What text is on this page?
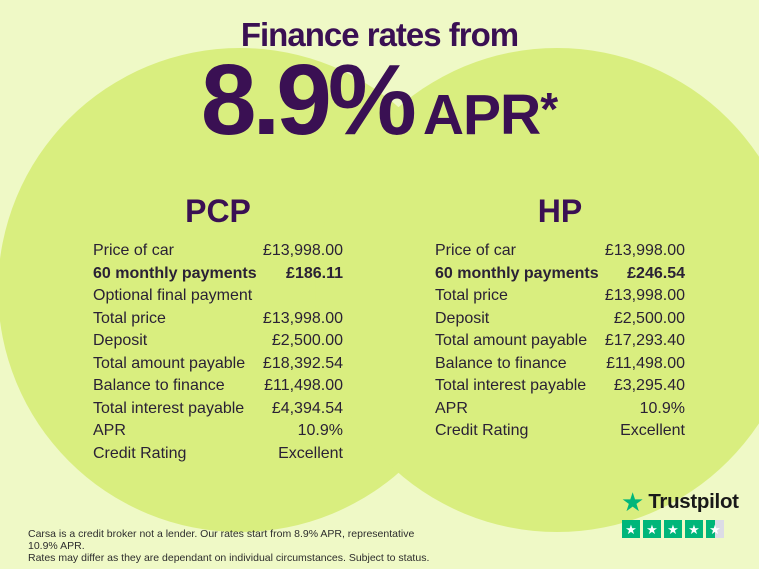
Finance rates from
8.9% APR *
PCP
Price of car	£13,998.00
60 monthly payments £186.11
Optional final payment
Total price	£13,998.00
Deposit	£2,500.00
Total amount payable £18,392.54
Balance to finance £11,498.00
Total interest payable £4,394.54
APR	10.9%
Credit Rating	Excellent
HP
Price of car	£13,998.00
60 monthly payments £246.54
Total price	£13,998.00
Deposit	£2,500.00
Total amount payable £17,293.40
Balance to finance £11,498.00
Total interest payable £3,295.40
APR	10.9%
Credit Rating	Excellent

Carsa is a credit broker not a lender. Our rates start from 8.9% APR, representative 10.9% APR.
Rates may differ as they are dependant on individual circumstances. Subject to status.

★ Trustpilot
★ ★ ★ ★ ★
